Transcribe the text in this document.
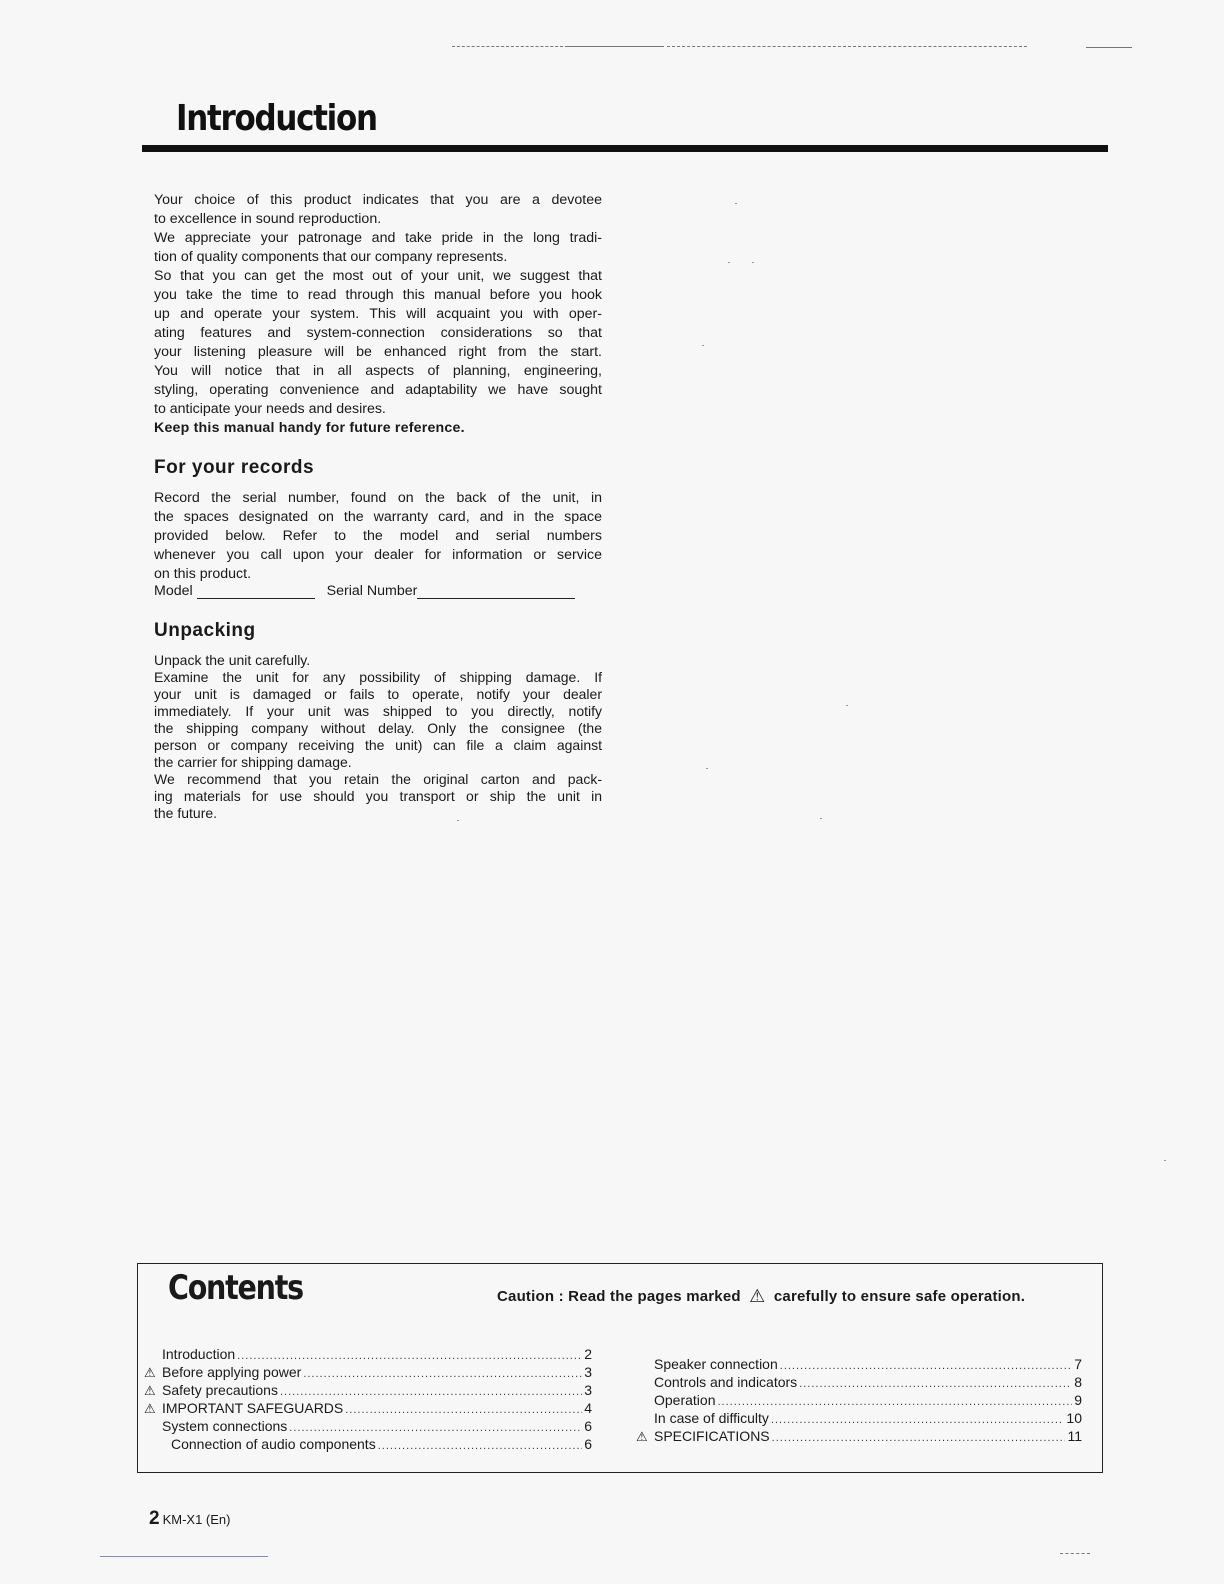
Introduction

Your choice of this product indicates that you are a devotee

to excellence in sound reproduction.

We appreciate your patronage and take pride in the long tradi-

tion of quality components that our company represents.

So that you can get the most out of your unit, we suggest that

you take the time to read through this manual before you hook

up and operate your system. This will acquaint you with oper-

ating features and system-connection considerations so that

your listening pleasure will be enhanced right from the start.

You will notice that in all aspects of planning, engineering,

styling, operating convenience and adaptability we have sought

to anticipate your needs and desires.

Keep this manual handy for future reference.

For your records

Record the serial number, found on the back of the unit, in

the spaces designated on the warranty card, and in the space

provided below. Refer to the model and serial numbers

whenever you call upon your dealer for information or service

on this product.

Model	Serial Number
Unpacking

Unpack the unit carefully.

Examine the unit for any possibility of shipping damage. If

your unit is damaged or fails to operate, notify your dealer

immediately. If your unit was shipped to you directly, notify

the shipping company without delay. Only the consignee (the

person or company receiving the unit) can file a claim against

the carrier for shipping damage.

We recommend that you retain the original carton and pack-

ing materials for use should you transport or ship the unit in

the future.

Contents	Caution : Read the pages marked ⚠ carefully to ensure safe operation.
Introduction .....	2
⚠ Before applying power .....	3
⚠ Safety precautions .....	3
⚠ IMPORTANT SAFEGUARDS .....	4
System connections .....	6
Connection of audio components .....	6
Speaker connection .....	7
Controls and indicators .....	8
Operation .....	9
In case of difficulty .....	10
⚠ SPECIFICATIONS .....	11
2 KM-X1 (En)
